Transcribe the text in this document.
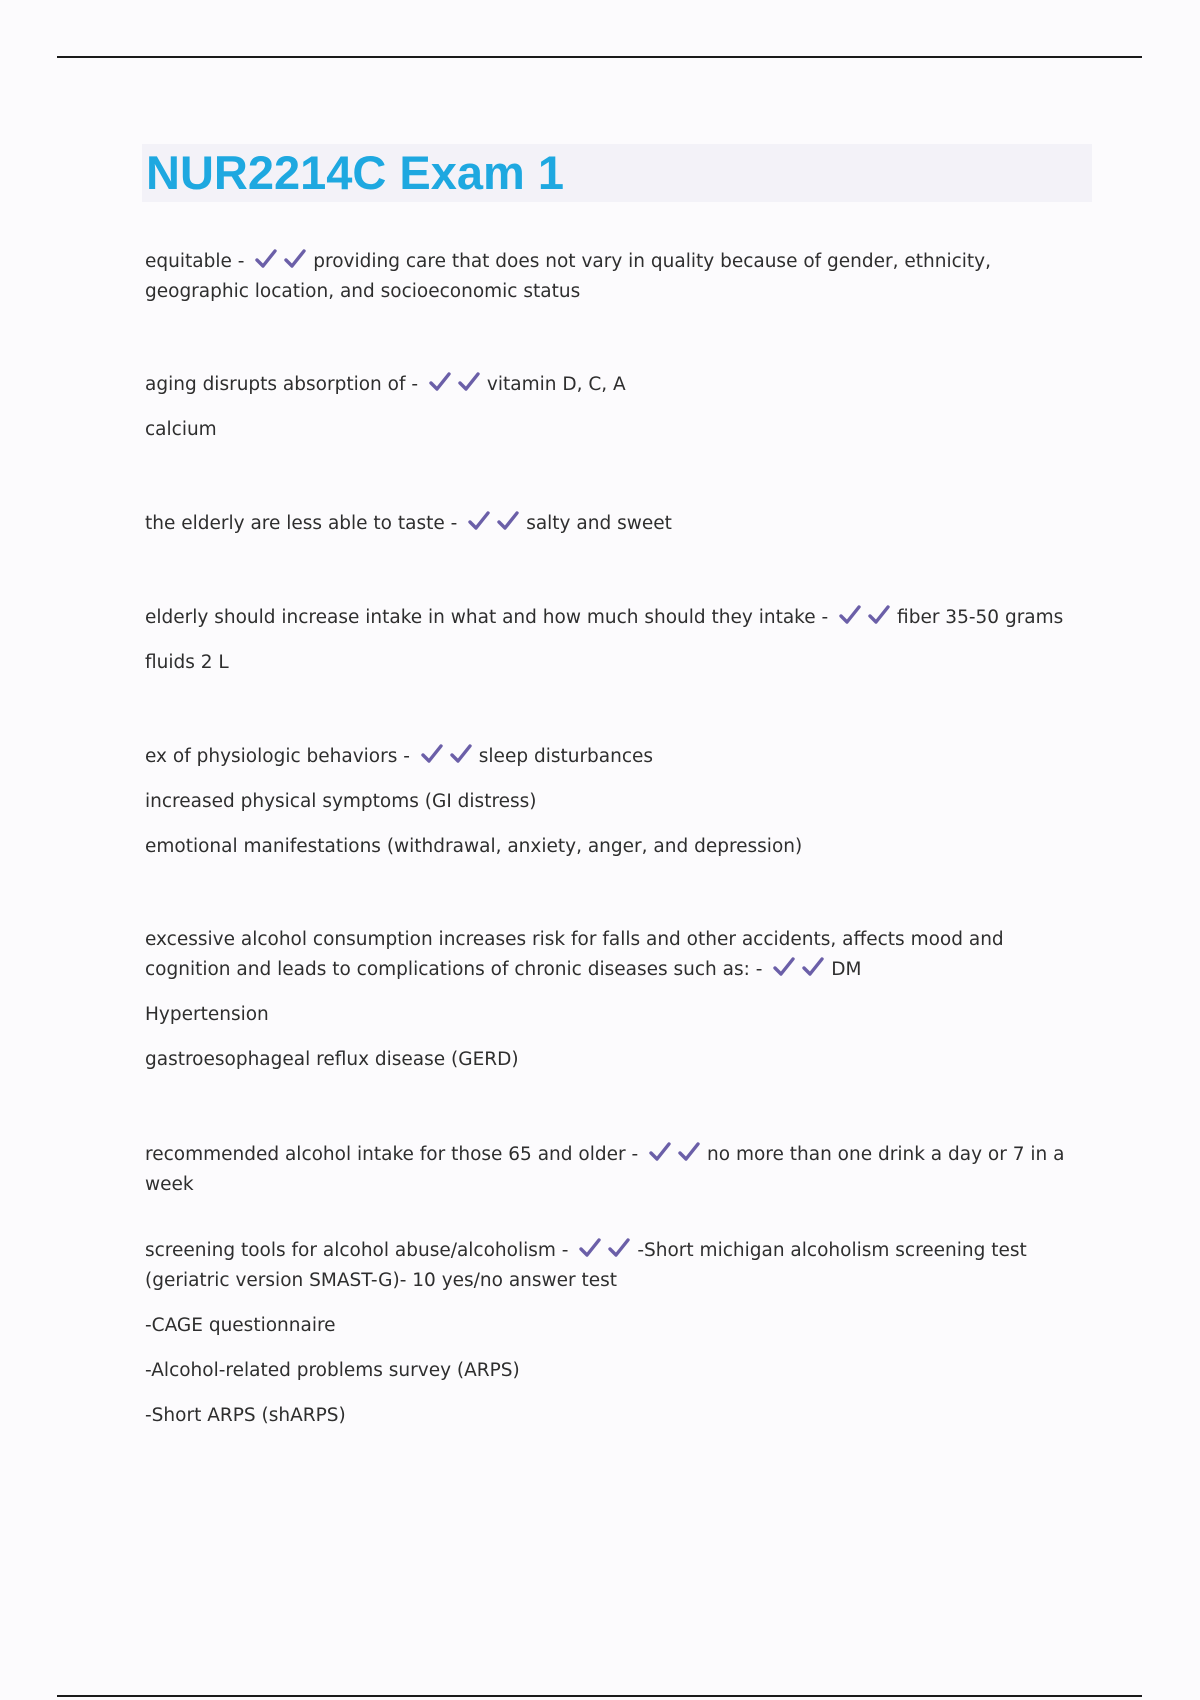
NUR2214C Exam 1
equitable -	providing care that does not vary in quality because of gender, ethnicity, geographic location, and socioeconomic status
aging disrupts absorption of -	vitamin D, C, A
calcium
the elderly are less able to taste -	salty and sweet
elderly should increase intake in what and how much should they intake -	fiber 35-50 grams
fluids 2 L
ex of physiologic behaviors -	sleep disturbances
increased physical symptoms (GI distress)
emotional manifestations (withdrawal, anxiety, anger, and depression)
excessive alcohol consumption increases risk for falls and other accidents, affects mood and cognition and leads to complications of chronic diseases such as: -	DM
Hypertension
gastroesophageal reflux disease (GERD)
recommended alcohol intake for those 65 and older -	no more than one drink a day or 7 in a week
screening tools for alcohol abuse/alcoholism -	-Short michigan alcoholism screening test (geriatric version SMAST-G)- 10 yes/no answer test
-CAGE questionnaire
-Alcohol-related problems survey (ARPS)
-Short ARPS (shARPS)
